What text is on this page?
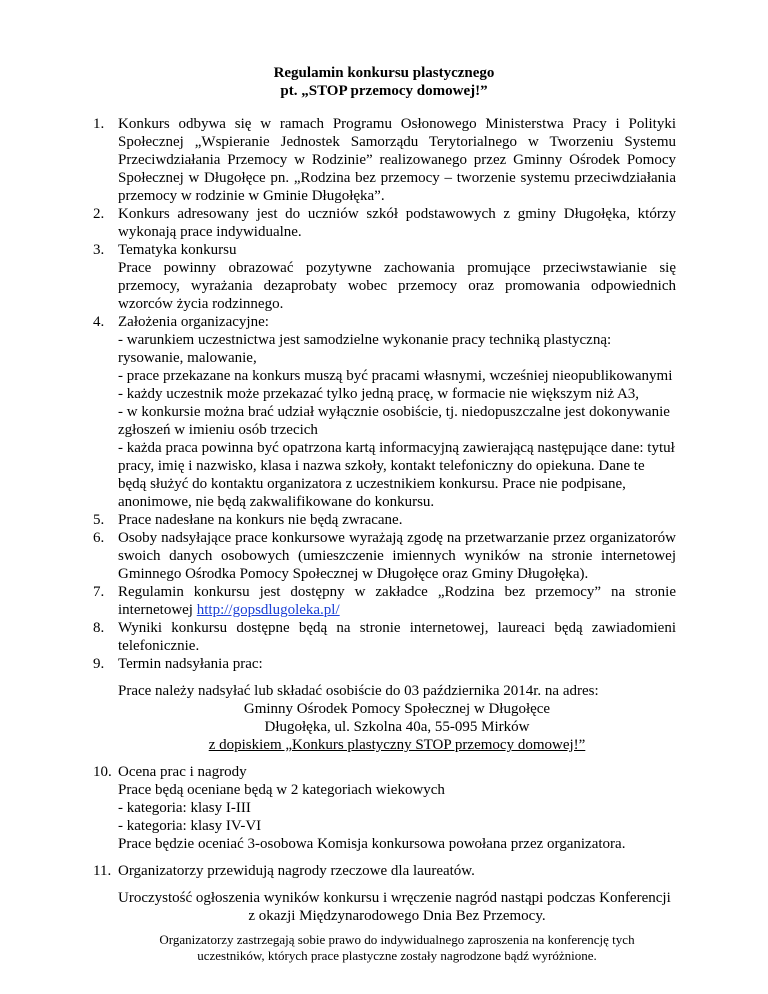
Regulamin konkursu plastycznego
pt. „STOP przemocy domowej!”
1. Konkurs odbywa się w ramach Programu Osłonowego Ministerstwa Pracy i Polityki Społecznej „Wspieranie Jednostek Samorządu Terytorialnego w Tworzeniu Systemu Przeciwdziałania Przemocy w Rodzinie” realizowanego przez Gminny Ośrodek Pomocy Społecznej w Długołęce pn. „Rodzina bez przemocy – tworzenie systemu przeciwdziałania przemocy w rodzinie w Gminie Długołęka”.
2. Konkurs adresowany jest do uczniów szkół podstawowych z gminy Długołęka, którzy wykonają prace indywidualne.
3. Tematyka konkursu
Prace powinny obrazować pozytywne zachowania promujące przeciwstawianie się przemocy, wyrażania dezaprobaty wobec przemocy oraz promowania odpowiednich wzorców życia rodzinnego.
4. Założenia organizacyjne:
- warunkiem uczestnictwa jest samodzielne wykonanie pracy techniką plastyczną: rysowanie, malowanie,
- prace przekazane na konkurs muszą być pracami własnymi, wcześniej nieopublikowanymi
- każdy uczestnik może przekazać tylko jedną pracę, w formacie nie większym niż A3,
- w konkursie można brać udział wyłącznie osobiście, tj. niedopuszczalne jest dokonywanie zgłoszeń w imieniu osób trzecich
- każda praca powinna być opatrzona kartą informacyjną zawierającą następujące dane: tytuł pracy, imię i nazwisko, klasa i nazwa szkoły, kontakt telefoniczny do opiekuna. Dane te będą służyć do kontaktu organizatora z uczestnikiem konkursu. Prace nie podpisane, anonimowe, nie będą zakwalifikowane do konkursu.
5. Prace nadesłane na konkurs nie będą zwracane.
6. Osoby nadsyłające prace konkursowe wyrażają zgodę na przetwarzanie przez organizatorów swoich danych osobowych (umieszczenie imiennych wyników na stronie internetowej Gminnego Ośrodka Pomocy Społecznej w Długołęce oraz Gminy Długołęka).
7. Regulamin konkursu jest dostępny w zakładce „Rodzina bez przemocy” na stronie internetowej http://gopsdlugoleka.pl/
8. Wyniki konkursu dostępne będą na stronie internetowej, laureaci będą zawiadomieni telefonicznie.
9. Termin nadsyłania prac:
Prace należy nadsyłać lub składać osobiście do 03 października 2014r. na adres:
Gminny Ośrodek Pomocy Społecznej w Długołęce
Długołęka, ul. Szkolna 40a, 55-095 Mirków
z dopiskiem „Konkurs plastyczny STOP przemocy domowej!”
10. Ocena prac i nagrody
Prace będą oceniane będą w 2 kategoriach wiekowych
- kategoria: klasy I-III
- kategoria: klasy IV-VI
Prace będzie oceniać 3-osobowa Komisja konkursowa powołana przez organizatora.
11. Organizatorzy przewidują nagrody rzeczowe dla laureatów.
Uroczystość ogłoszenia wyników konkursu i wręczenie nagród nastąpi podczas Konferencji
z okazji Międzynarodowego Dnia Bez Przemocy.
Organizatorzy zastrzegają sobie prawo do indywidualnego zaproszenia na konferencję tych
uczestników, których prace plastyczne zostały nagrodzone bądź wyróżnione.
